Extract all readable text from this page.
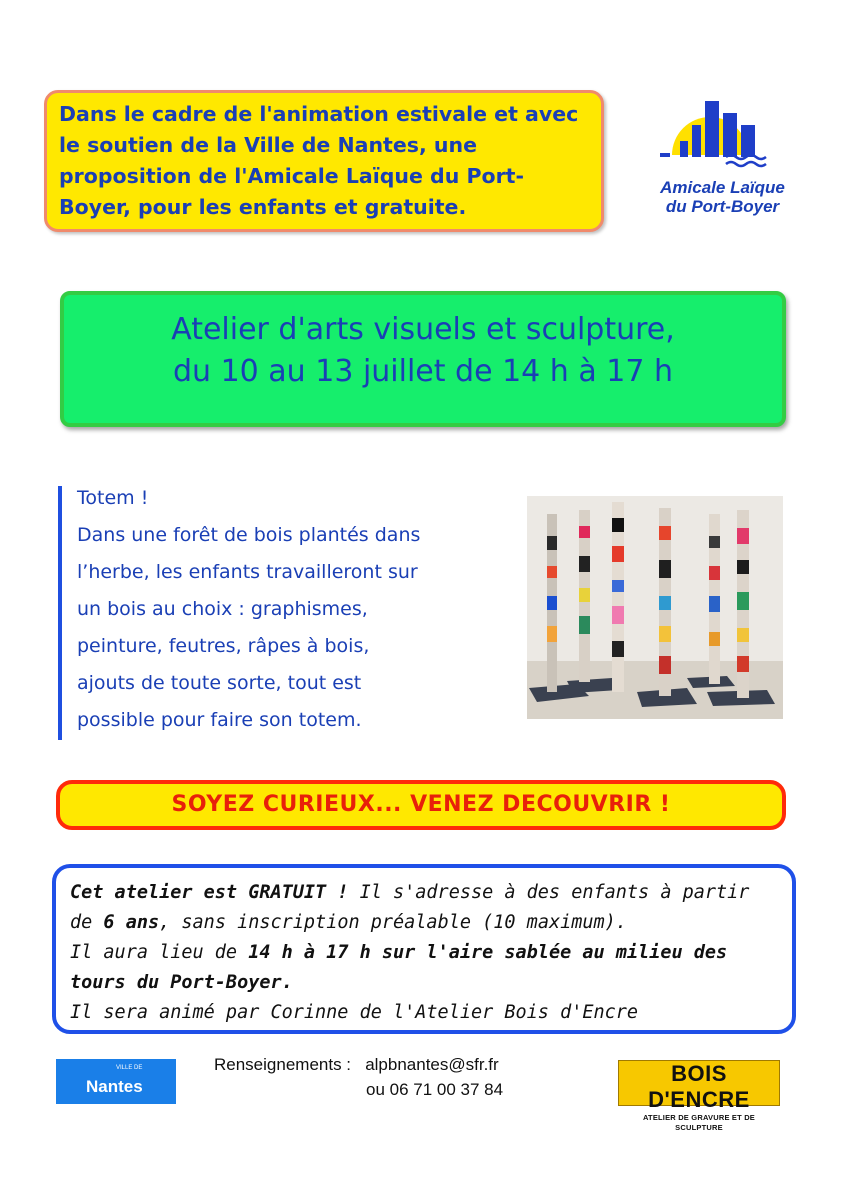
Dans le cadre de l'animation estivale et avec
le soutien de la Ville de Nantes, une
proposition de l'Amicale Laïque du Port-
Boyer, pour les enfants et gratuite.
Amicale Laïque
du Port-Boyer
Atelier d'arts visuels et sculpture,
du 10 au 13 juillet de 14 h à 17 h
Totem !
Dans une forêt de bois plantés dans
l’herbe, les enfants travailleront sur
un bois au choix : graphismes,
peinture, feutres, râpes à bois,
ajouts de toute sorte, tout est
possible pour faire son totem.
SOYEZ CURIEUX... VENEZ DECOUVRIR !
Cet atelier est GRATUIT ! Il s'adresse à des enfants à partir
de 6 ans, sans inscription préalable (10 maximum).
Il aura lieu de 14 h à 17 h sur l'aire sablée au milieu des
tours du Port-Boyer.
Il sera animé par Corinne de l'Atelier Bois d'Encre
VILLE DE
Nantes
Renseignements : alpbnantes@sfr.fr
ou 06 71 00 37 84
BOIS D'ENCRE
ATELIER DE GRAVURE ET DE SCULPTURE
